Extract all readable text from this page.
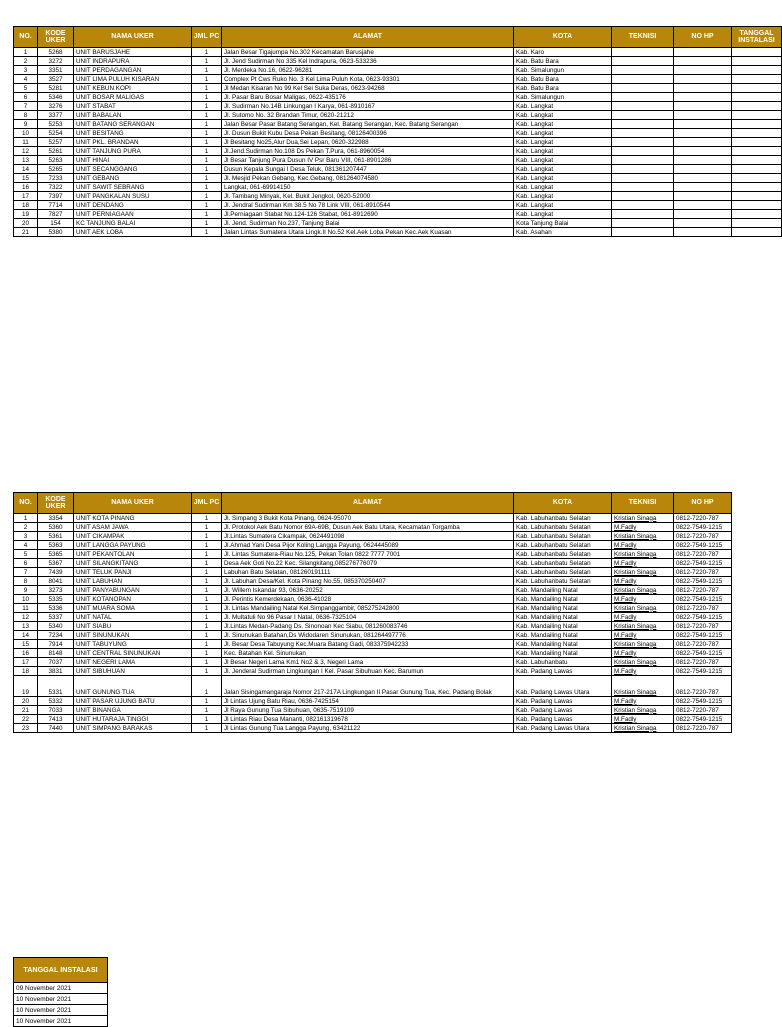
NO.	KODE UKER	NAMA UKER	JML PC	ALAMAT	KOTA	TEKNISI	NO HP	TANGGAL INSTALASI
1	5268	UNIT BARUSJAHE	1	Jalan Besar Tigajumpa No.302 Kecamatan Barusjahe	Kab. Karo			
2	3272	UNIT INDRAPURA	1	Jl. Jend Sudirman No 335 Kel Indrapura, 0623-533236	Kab. Batu Bara			
3	3351	UNIT PERDAGANGAN	1	Jl. Merdeka No.16, 0622-96281	Kab. Simalungun			
4	3527	UNIT LIMA PULUH KISARAN	1	Complex Pt Cws Ruko No. 3 Kel Lima Puluh Kota, 0623-93301	Kab. Batu Bara			
5	5281	UNIT KEBUN KOPI	1	Jl Medan Kisaran No 99 Kel Sei Suka Deras, 0623-94268	Kab. Batu Bara			
6	5346	UNIT BOSAR MALIGAS	1	Jl. Pasar Baru Bosar Maligas, 0622-435176	Kab. Simalungun			
7	3276	UNIT STABAT	1	Jl. Sudirman No.14B Linkungan I Karya, 061-8910167	Kab. Langkat			
8	3377	UNIT BABALAN	1	Jl. Sutomo No. 32 Brandan Timur, 0620-21212	Kab. Langkat			
9	5253	UNIT BATANG SERANGAN	1	Jalan Besar Pasar Batang Serangan, Kel. Batang Serangan, Kec. Batang Serangan	Kab. Langkat			
10	5254	UNIT BESITANG	1	Jl. Dusun Bukit Kubu Desa Pekan Besitang, 08126400396	Kab. Langkat			
11	5257	UNIT PKL. BRANDAN	1	Jl Besitang No25,Alur Dua,Sei Lepan, 0620-322988	Kab. Langkat			
12	5261	UNIT TANJUNG PURA	1	Jl.Jend.Sudirman No.108 Ds Pekan T.Pura, 061-8960054	Kab. Langkat			
13	5263	UNIT HINAI	1	Jl Besar Tanjung Pura Dusun IV Psr Baru VIII, 061-8901286	Kab. Langkat			
14	5265	UNIT SECANGGANG	1	Dusun Kepala Sungai I Desa Teluk, 081361207447	Kab. Langkat			
15	7233	UNIT GEBANG	1	Jl. Mesjid Pekan Gebang, Kec.Gebang, 081264074580	Kab. Langkat			
16	7322	UNIT SAWIT SEBRANG	1	Langkat, 061-69914150	Kab. Langkat			
17	7397	UNIT PANGKALAN SUSU	1	Jl. Tambang Minyak, Kel. Bukit Jengkol, 0620-52000	Kab. Langkat			
18	7714	UNIT DENDANG	1	Jl. Jendral Sudirman Km 38.5 No 78 Link VIII, 061-8910544	Kab. Langkat			
19	7827	UNIT PERNIAGAAN	1	Jl.Perniagaan Stabat No.124-126 Stabat, 061-8912690	Kab. Langkat			
20	154	KC TANJUNG BALAI	1	Jl. Jend. Sudirman No.237, Tanjung Balai	Kota Tanjung Balai			
21	5380	UNIT AEK LOBA	1	Jalan Lintas Sumatera Utara Lingk.II No.52 Kel.Aek Loba Pekan Kec.Aek Kuasan	Kab. Asahan			
NO.	KODE UKER	NAMA UKER	JML PC	ALAMAT	KOTA	TEKNISI	NO HP
1	3354	UNIT KOTA PINANG	1	Jl. Simpang 3 Bukit Kota Pinang, 0624-95070	Kab. Labuhanbatu Selatan	Kristian Sinaga	0812-7220-787
2	5360	UNIT ASAM JAWA	1	Jl. Protokol Aek Batu Nomor 69A-69B, Dusun Aek Batu Utara, Kecamatan Torgamba	Kab. Labuhanbatu Selatan	M.Fadly	0822-7549-1215
3	5361	UNIT CIKAMPAK	1	Jl.Lintas Sumatera Cikampak, 0624491098	Kab. Labuhanbatu Selatan	Kristian Sinaga	0812-7220-787
4	5363	UNIT LANGGA PAYUNG	1	Jl.Ahmad Yani Desa Pijor Koling Langga Payung, 0624445089	Kab. Labuhanbatu Selatan	M.Fadly	0822-7549-1215
5	5365	UNIT PEKANTOLAN	1	Jl. Lintas Sumatera-Riau No.125, Pekan Tolan 0822 7777 7001	Kab. Labuhanbatu Selatan	Kristian Sinaga	0812-7220-787
6	5367	UNIT SILANGKITANG	1	Desa Aek Goti No.22 Kec. Silangkitang,085276776079	Kab. Labuhanbatu Selatan	M.Fadly	0822-7549-1215
7	7439	UNIT TELUK PANJI	1	Labuhan Batu Selatan, 081260191111	Kab. Labuhanbatu Selatan	Kristian Sinaga	0812-7220-787
8	8041	UNIT LABUHAN	1	Jl. Labuhan Desa/Kel. Kota Pinang No.55, 085370250407	Kab. Labuhanbatu Selatan	M.Fadly	0822-7549-1215
9	3273	UNIT PANYABUNGAN	1	Jl. Willem Iskandar 93, 0636-20252	Kab. Mandailing Natal	Kristian Sinaga	0812-7220-787
10	5335	UNIT KOTANOPAN	1	Jl. Perintis Kemerdekaan, 0636-41028	Kab. Mandailing Natal	M.Fadly	0822-7549-1215
11	5336	UNIT MUARA SOMA	1	Jl. Lintas Mandailing Natal Kel.Simpanggambir, 085275242800	Kab. Mandailing Natal	Kristian Sinaga	0812-7220-787
12	5337	UNIT NATAL	1	Jl. Multatuli No 96 Pasar I Natal, 0636-7325104	Kab. Mandailing Natal	M.Fadly	0822-7549-1215
13	5340	UNIT SIABU	1	Jl.Lintas Medan-Padang Ds. Sinonoan Kec Siabu, 081260083746	Kab. Mandailing Natal	Kristian Sinaga	0812-7220-787
14	7234	UNIT SINUNUKAN	1	Jl. Sinunukan Batahan,Ds Widodaren Sinunukan, 081264497776	Kab. Mandailing Natal	M.Fadly	0822-7549-1215
15	7914	UNIT TABUYUNG	1	Jl. Besar Desa Tabuyung Kec.Muara Batang Gadi, 083375942233	Kab. Mandailing Natal	Kristian Sinaga	0812-7220-787
16	8148	UNIT CENTRAL SINUNUKAN	1	Kec. Batahan Kel. Sinunukan	Kab. Mandailing Natal	M.Fadly	0822-7549-1215
17	7037	UNIT NEGERI LAMA	1	Jl Besar Negeri Lama Km1 No2 & 3, Negeri Lama	Kab. Labuhanbatu	Kristian Sinaga	0812-7220-787
18	3831	UNIT SIBUHUAN	1	Jl. Jenderal Sudirman Lingkungan I Kel. Pasar Sibuhuan Kec. Barumun	Kab. Padang Lawas	M.Fadly	0822-7549-1215
19	5331	UNIT GUNUNG TUA	1	Jalan Sisingamangaraja Nomor 217-217A Lingkungan II Pasar Gunung Tua, Kec. Padang Bolak	Kab. Padang Lawas Utara	Kristian Sinaga	0812-7220-787
20	5332	UNIT PASAR UJUNG BATU	1	Jl Lintas Ujung Batu Riau, 0636-7425154	Kab. Padang Lawas	M.Fadly	0822-7549-1215
21	7033	UNIT BINANGA	1	Jl Raya Gunung Tua Sibuhuan, 0635-7519109	Kab. Padang Lawas	Kristian Sinaga	0812-7220-787
22	7413	UNIT HUTARAJA TINGGI	1	Jl Lintas Riau Desa Mananti, 082161319678	Kab. Padang Lawas	M.Fadly	0822-7549-1215
23	7440	UNIT SIMPANG BARAKAS	1	Jl Lintas Gunung Tua Langga Payung, 63421122	Kab. Padang Lawas Utara	Kristian Sinaga	0812-7220-787
TANGGAL INSTALASI
09 November 2021
10 November 2021
10 November 2021
10 November 2021
